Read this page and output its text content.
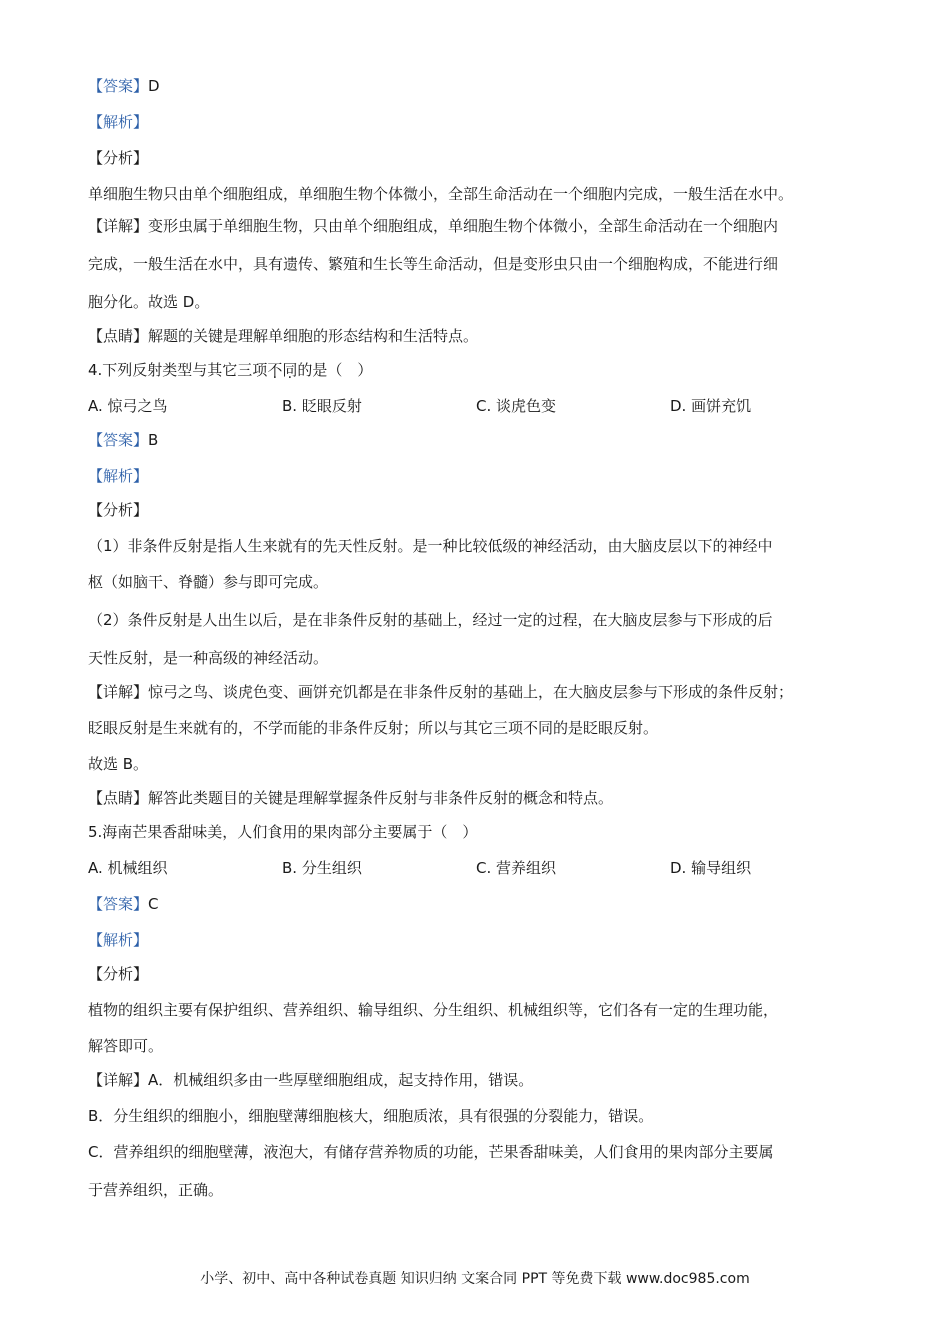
【答案】D
【解析】
【分析】
单细胞生物只由单个细胞组成，单细胞生物个体微小，全部生命活动在一个细胞内完成，一般生活在水中。
【详解】变形虫属于单细胞生物，只由单个细胞组成，单细胞生物个体微小，全部生命活动在一个细胞内
完成，一般生活在水中，具有遗传、繁殖和生长等生命活动，但是变形虫只由一个细胞构成，不能进行细
胞分化。故选 D。
【点睛】解题的关键是理解单细胞的形态结构和生活特点。
4.下列反射类型与其它三项不同的是（　）
A. 惊弓之鸟	B. 眨眼反射	C. 谈虎色变	D. 画饼充饥
【答案】B
【解析】
【分析】
（1）非条件反射是指人生来就有的先天性反射。是一种比较低级的神经活动，由大脑皮层以下的神经中
枢（如脑干、脊髓）参与即可完成。
（2）条件反射是人出生以后，是在非条件反射的基础上，经过一定的过程，在大脑皮层参与下形成的后
天性反射，是一种高级的神经活动。
【详解】惊弓之鸟、谈虎色变、画饼充饥都是在非条件反射的基础上，在大脑皮层参与下形成的条件反射；
眨眼反射是生来就有的，不学而能的非条件反射；所以与其它三项不同的是眨眼反射。
故选 B。
【点睛】解答此类题目的关键是理解掌握条件反射与非条件反射的概念和特点。
5.海南芒果香甜味美，人们食用的果肉部分主要属于（　）
A. 机械组织	B. 分生组织	C. 营养组织	D. 输导组织
【答案】C
【解析】
【分析】
植物的组织主要有保护组织、营养组织、输导组织、分生组织、机械组织等，它们各有一定的生理功能，
解答即可。
【详解】A．机械组织多由一些厚壁细胞组成，起支持作用，错误。
B．分生组织的细胞小，细胞壁薄细胞核大，细胞质浓，具有很强的分裂能力，错误。
C．营养组织的细胞壁薄，液泡大，有储存营养物质的功能，芒果香甜味美，人们食用的果肉部分主要属
于营养组织，正确。
小学、初中、高中各种试卷真题 知识归纳 文案合同 PPT 等免费下载 www.doc985.com
